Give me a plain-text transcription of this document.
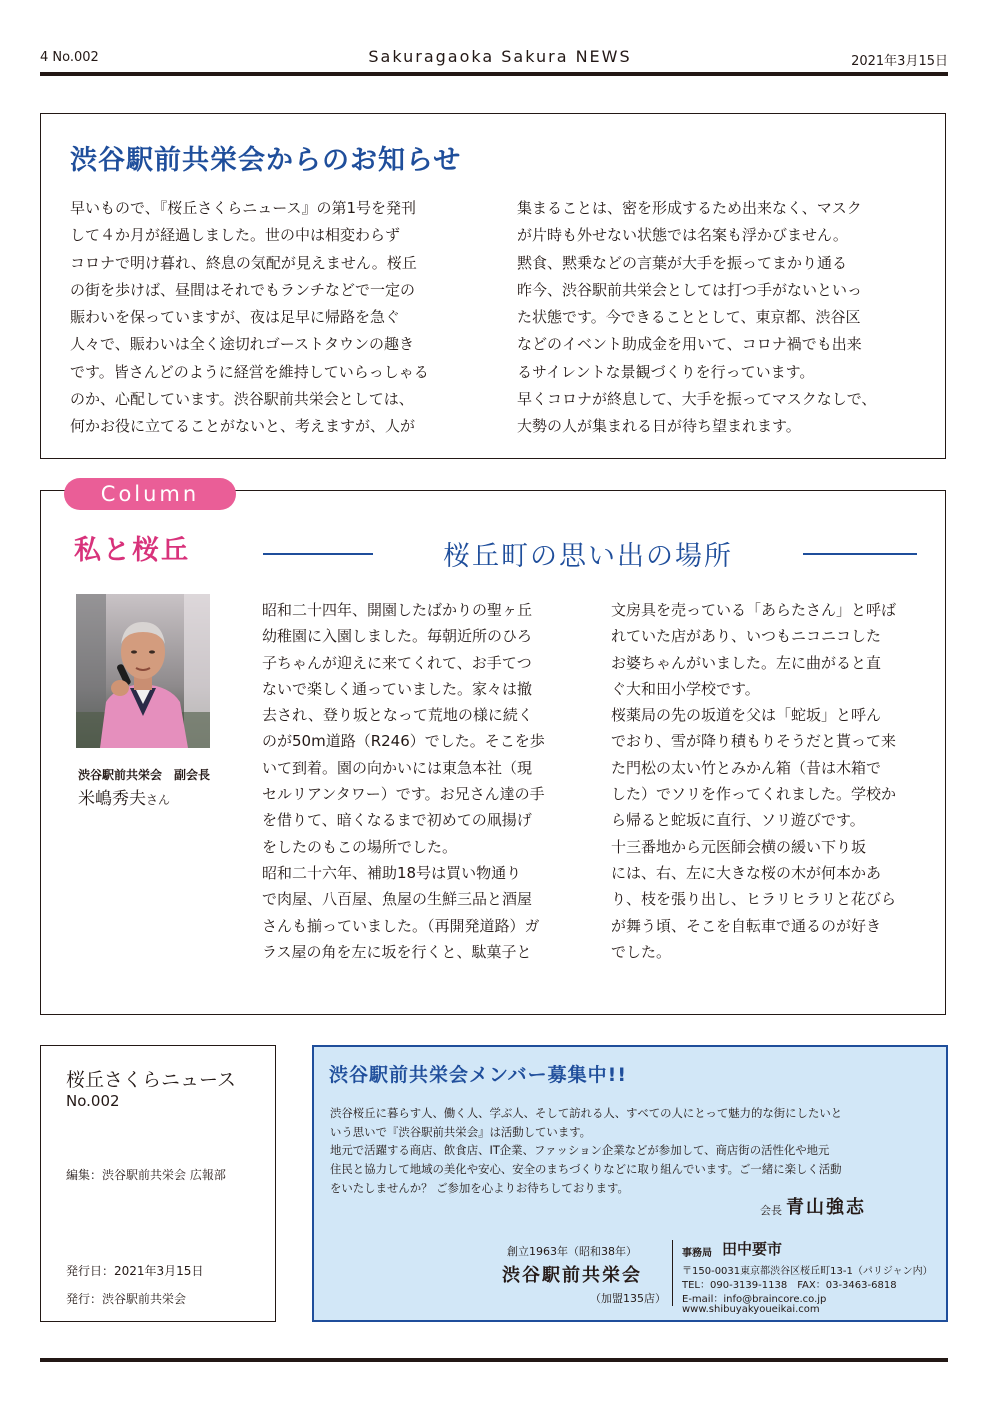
4 No.002	Sakuragaoka Sakura NEWS	2021年3月15日
渋谷駅前共栄会からのお知らせ

早いもので、『桜丘さくらニュース』の第1号を発刊

して４か月が経過しました。世の中は相変わらず

コロナで明け暮れ、終息の気配が見えません。桜丘

の街を歩けば、昼間はそれでもランチなどで一定の

賑わいを保っていますが、夜は足早に帰路を急ぐ

人々で、賑わいは全く途切れゴーストタウンの趣き

です。皆さんどのように経営を維持していらっしゃる

のか、心配しています。渋谷駅前共栄会としては、

何かお役に立てることがないと、考えますが、人が

集まることは、密を形成するため出来なく、マスク

が片時も外せない状態では名案も浮かびません。

黙食、黙乗などの言葉が大手を振ってまかり通る

昨今、渋谷駅前共栄会としては打つ手がないといっ

た状態です。今できることとして、東京都、渋谷区

などのイベント助成金を用いて、コロナ禍でも出来

るサイレントな景観づくりを行っています。

早くコロナが終息して、大手を振ってマスクなしで、

大勢の人が集まれる日が待ち望まれます。

Column
私と桜丘	桜丘町の思い出の場所
渋谷駅前共栄会　副会長
米嶋秀夫さん

昭和二十四年、開園したばかりの聖ヶ丘

幼稚園に入園しました。毎朝近所のひろ

子ちゃんが迎えに来てくれて、お手てつ

ないで楽しく通っていました。家々は撤

去され、登り坂となって荒地の様に続く

のが50m道路（R246）でした。そこを歩

いて到着。園の向かいには東急本社（現

セルリアンタワー）です。お兄さん達の手

を借りて、暗くなるまで初めての凧揚げ

をしたのもこの場所でした。

昭和二十六年、補助18号は買い物通り

で肉屋、八百屋、魚屋の生鮮三品と酒屋

さんも揃っていました。（再開発道路）ガ

ラス屋の角を左に坂を行くと、駄菓子と

文房具を売っている「あらたさん」と呼ば

れていた店があり、いつもニコニコした

お婆ちゃんがいました。左に曲がると直

ぐ大和田小学校です。

桜薬局の先の坂道を父は「蛇坂」と呼ん

でおり、雪が降り積もりそうだと貰って来

た門松の太い竹とみかん箱（昔は木箱で

した）でソリを作ってくれました。学校か

ら帰ると蛇坂に直行、ソリ遊びです。

十三番地から元医師会横の緩い下り坂

には、右、左に大きな桜の木が何本かあ

り、枝を張り出し、ヒラリヒラリと花びら

が舞う頃、そこを自転車で通るのが好き

でした。

桜丘さくらニュース
No.002
編集：渋谷駅前共栄会 広報部
発行日：2021年3月15日
発行：渋谷駅前共栄会
渋谷駅前共栄会メンバー募集中!!

渋谷桜丘に暮らす人、働く人、学ぶ人、そして訪れる人、すべての人にとって魅力的な街にしたいと

いう思いで『渋谷駅前共栄会』は活動しています。

地元で活躍する商店、飲食店、IT企業、ファッション企業などが参加して、商店街の活性化や地元

住民と協力して地域の美化や安心、安全のまちづくりなどに取り組んでいます。ご一緒に楽しく活動

をいたしませんか？ ご参加を心よりお待ちしております。

会長 青山強志
創立1963年（昭和38年）
渋谷駅前共栄会
（加盟135店）
事務局 田中要市
〒150-0031東京都渋谷区桜丘町13-1（パリジャン内）
TEL：090-3139-1138　FAX：03-3463-6818
E-mail：info@braincore.co.jp
www.shibuyakyoueikai.com
